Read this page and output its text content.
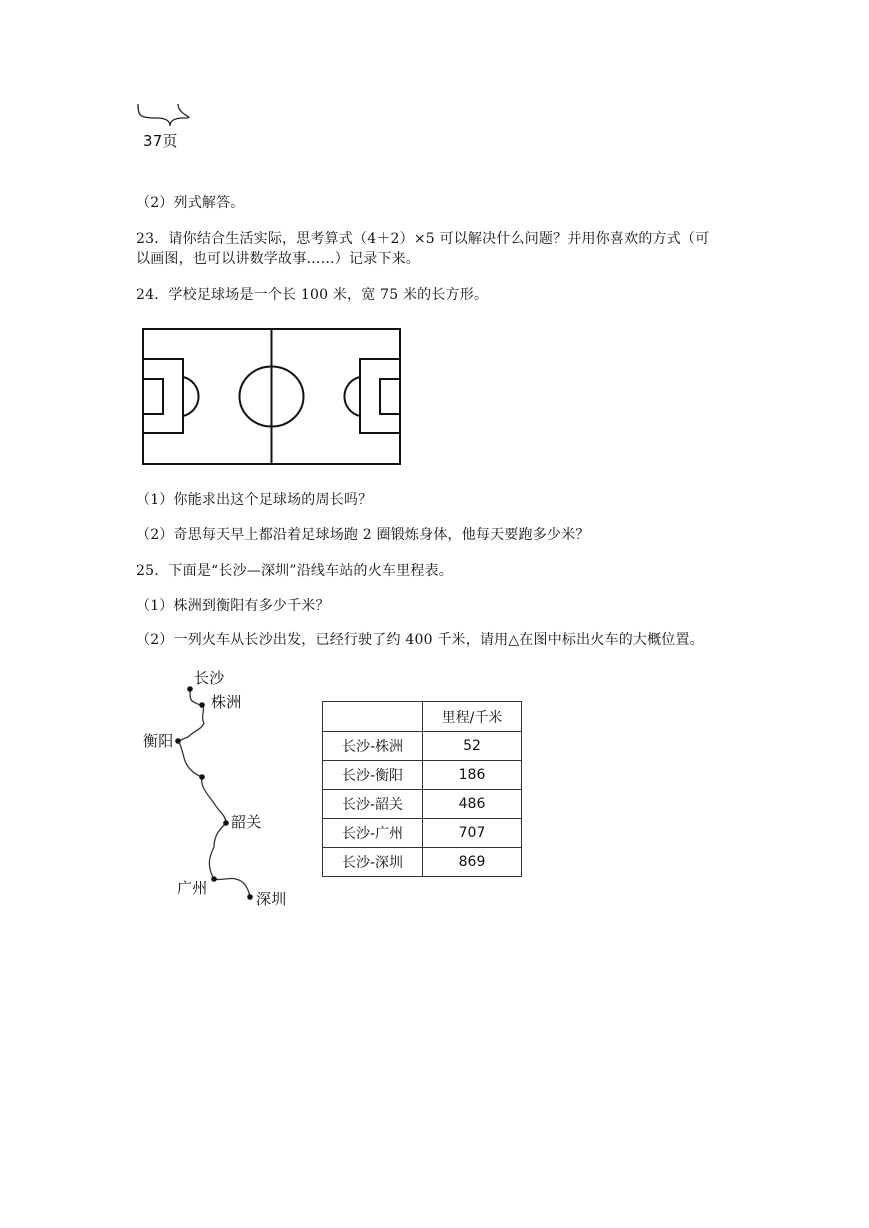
37页
（2）列式解答。
23．请你结合生活实际，思考算式（4＋2）×5 可以解决什么问题？并用你喜欢的方式（可
以画图，也可以讲数学故事……）记录下来。
24．学校足球场是一个长 100 米，宽 75 米的长方形。
（1）你能求出这个足球场的周长吗？
（2）奇思每天早上都沿着足球场跑 2 圈锻炼身体，他每天要跑多少米？
25．下面是“长沙—深圳”沿线车站的火车里程表。
（1）株洲到衡阳有多少千米？
（2）一列火车从长沙出发，已经行驶了约 400 千米，请用△在图中标出火车的大概位置。
长沙
株洲
衡阳
韶关
广州
深圳
	里程/千米
长沙-株洲	52
长沙-衡阳	186
长沙-韶关	486
长沙-广州	707
长沙-深圳	869
